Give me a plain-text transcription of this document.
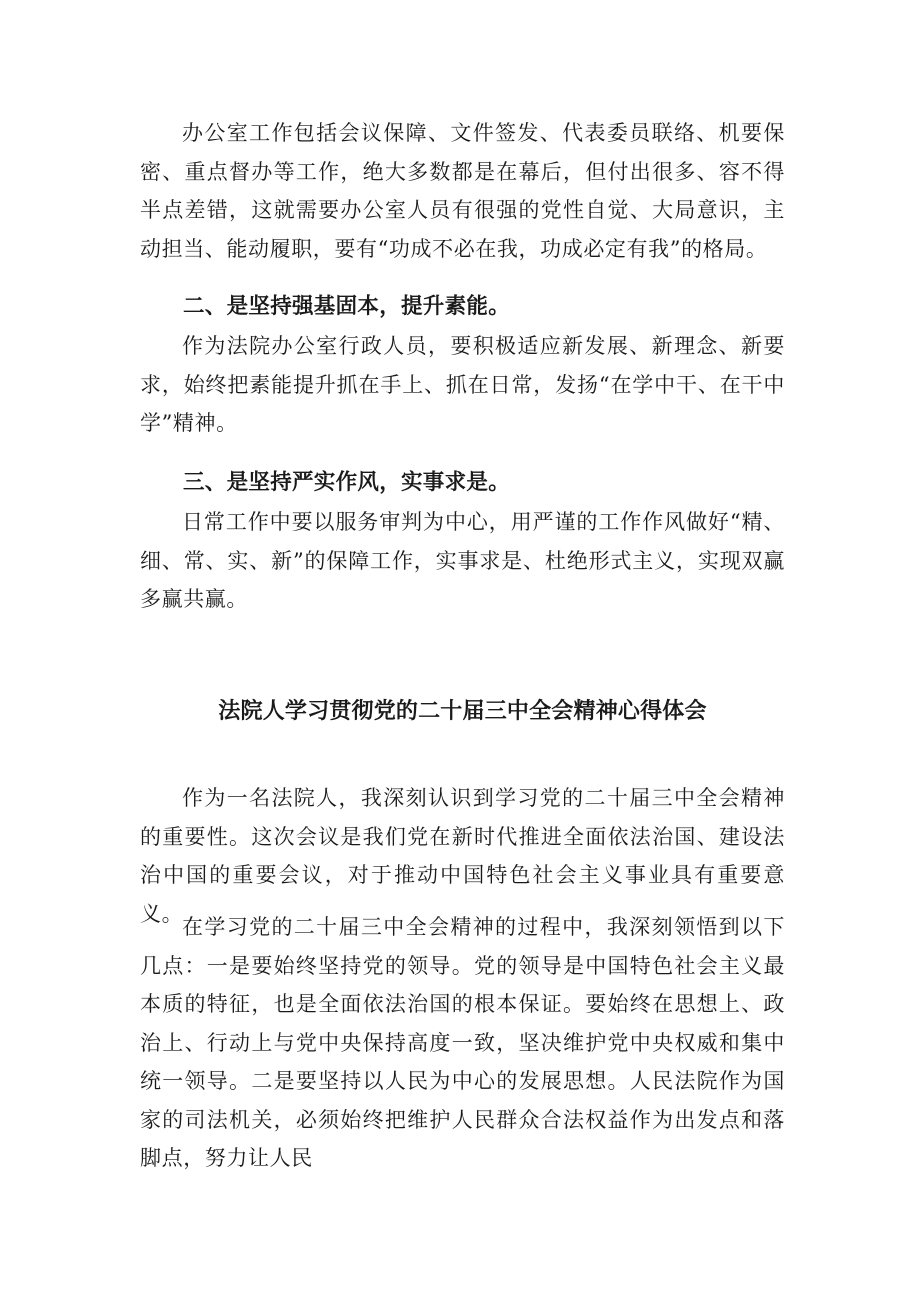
办公室工作包括会议保障、文件签发、代表委员联络、机要保密、重点督办等工作，绝大多数都是在幕后，但付出很多、容不得半点差错，这就需要办公室人员有很强的党性自觉、大局意识，主动担当、能动履职，要有“功成不必在我，功成必定有我”的格局。

二、是坚持强基固本，提升素能。

作为法院办公室行政人员，要积极适应新发展、新理念、新要求，始终把素能提升抓在手上、抓在日常，发扬“在学中干、在干中学”精神。

三、是坚持严实作风，实事求是。

日常工作中要以服务审判为中心，用严谨的工作作风做好“精、细、常、实、新”的保障工作，实事求是、杜绝形式主义，实现双赢多赢共赢。

法院人学习贯彻党的二十届三中全会精神心得体会

作为一名法院人，我深刻认识到学习党的二十届三中全会精神的重要性。这次会议是我们党在新时代推进全面依法治国、建设法治中国的重要会议，对于推动中国特色社会主义事业具有重要意义。

在学习党的二十届三中全会精神的过程中，我深刻领悟到以下几点：一是要始终坚持党的领导。党的领导是中国特色社会主义最本质的特征，也是全面依法治国的根本保证。要始终在思想上、政治上、行动上与党中央保持高度一致，坚决维护党中央权威和集中统一领导。二是要坚持以人民为中心的发展思想。人民法院作为国家的司法机关，必须始终把维护人民群众合法权益作为出发点和落脚点，努力让人民
